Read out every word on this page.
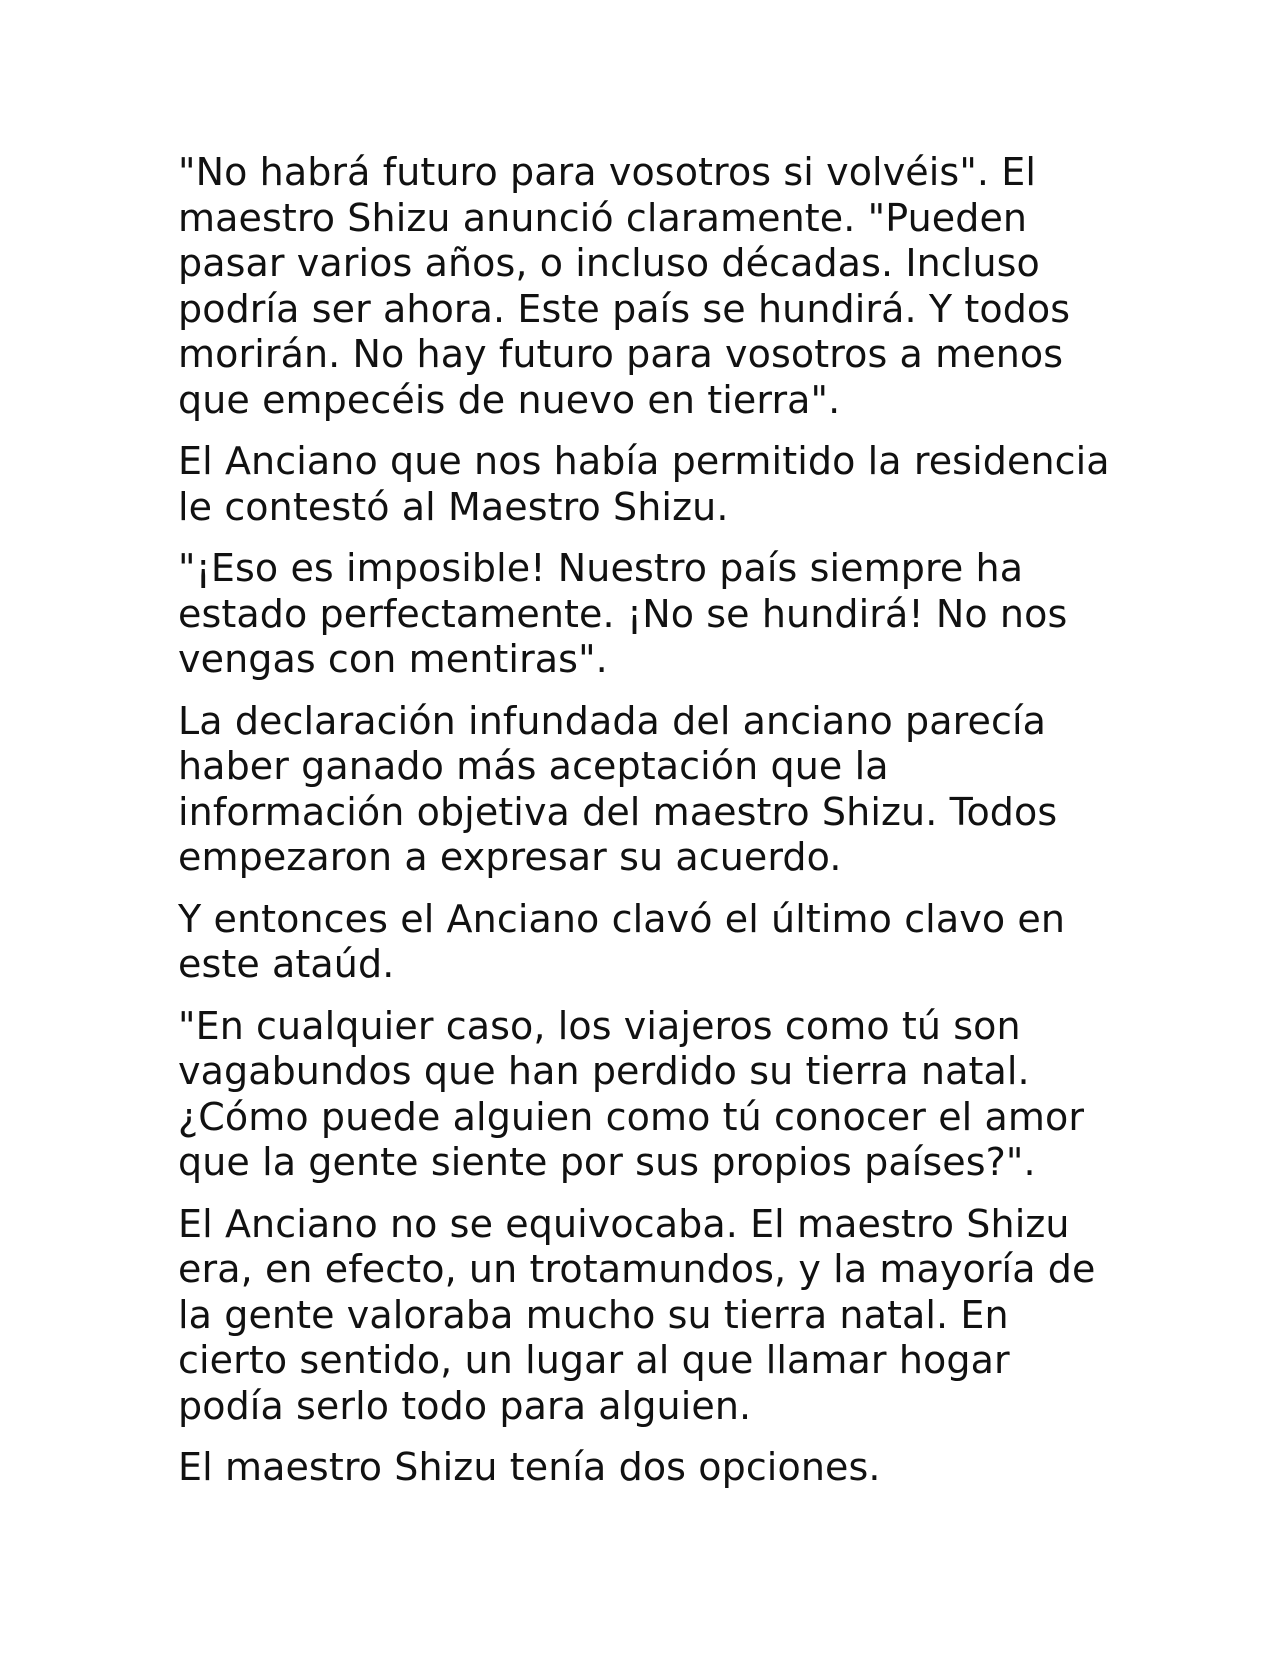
"No habrá futuro para vosotros si volvéis". El
maestro Shizu anunció claramente. "Pueden
pasar varios años, o incluso décadas. Incluso
podría ser ahora. Este país se hundirá. Y todos
morirán. No hay futuro para vosotros a menos
que empecéis de nuevo en tierra".

El Anciano que nos había permitido la residencia
le contestó al Maestro Shizu.

"¡Eso es imposible! Nuestro país siempre ha
estado perfectamente. ¡No se hundirá! No nos
vengas con mentiras".

La declaración infundada del anciano parecía
haber ganado más aceptación que la
información objetiva del maestro Shizu. Todos
empezaron a expresar su acuerdo.

Y entonces el Anciano clavó el último clavo en
este ataúd.

"En cualquier caso, los viajeros como tú son
vagabundos que han perdido su tierra natal.
¿Cómo puede alguien como tú conocer el amor
que la gente siente por sus propios países?".

El Anciano no se equivocaba. El maestro Shizu
era, en efecto, un trotamundos, y la mayoría de
la gente valoraba mucho su tierra natal. En
cierto sentido, un lugar al que llamar hogar
podía serlo todo para alguien.

El maestro Shizu tenía dos opciones.
